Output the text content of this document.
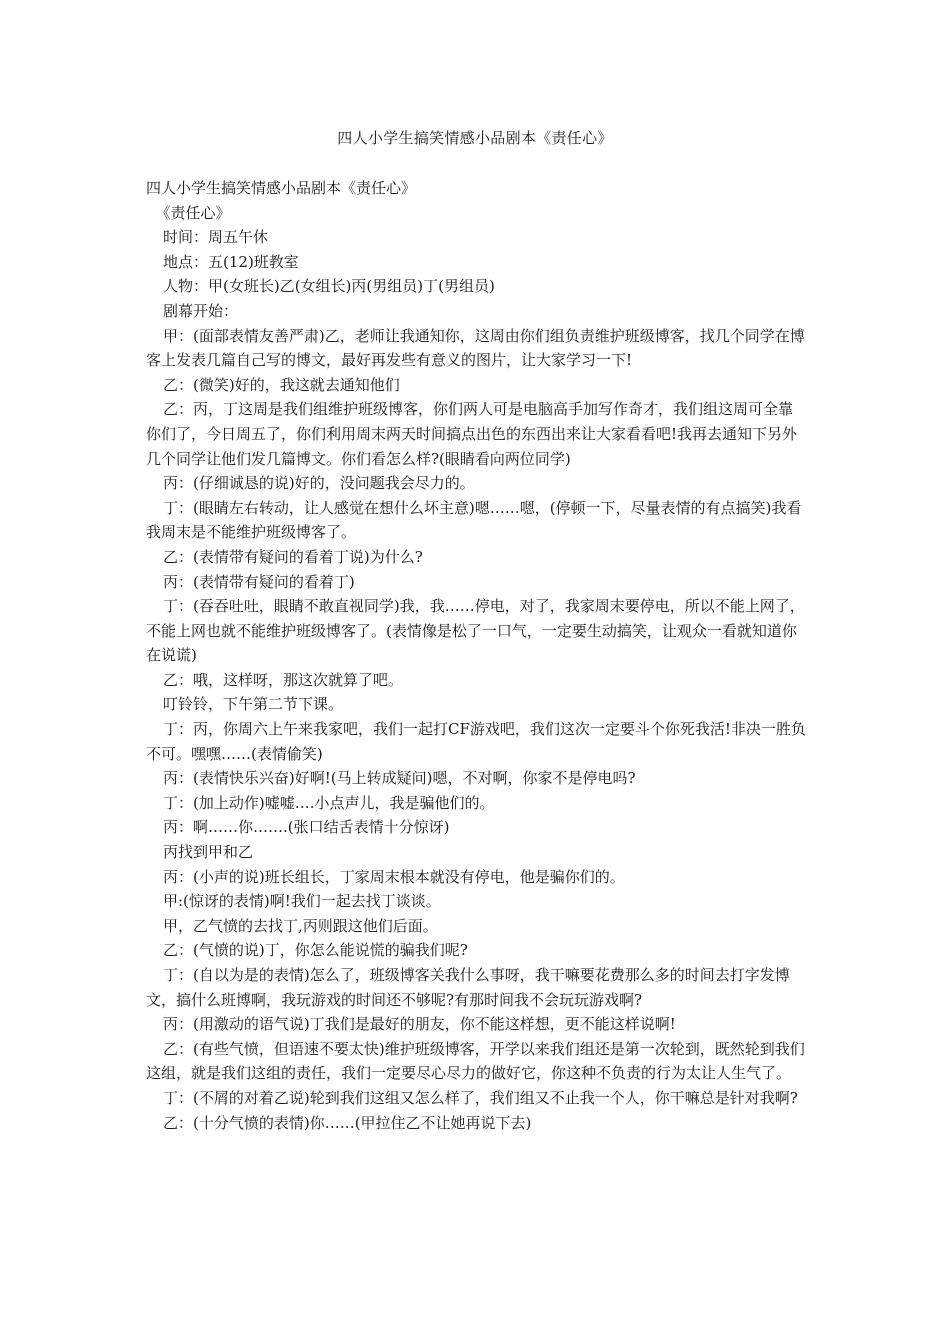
四人小学生搞笑情感小品剧本《责任心》

四人小学生搞笑情感小品剧本《责任心》

　《责任心》

　时间：周五午休

　地点：五(12)班教室

　人物：甲(女班长)乙(女组长)丙(男组员)丁(男组员)

　剧幕开始：

　甲：(面部表情友善严肃)乙，老师让我通知你，这周由你们组负责维护班级博客，找几个同学在博客上发表几篇自己写的博文，最好再发些有意义的图片，让大家学习一下!

　乙：(微笑)好的，我这就去通知他们

　乙：丙，丁这周是我们组维护班级博客，你们两人可是电脑高手加写作奇才，我们组这周可全靠你们了，今日周五了，你们利用周末两天时间搞点出色的东西出来让大家看看吧!我再去通知下另外几个同学让他们发几篇博文。你们看怎么样?(眼睛看向两位同学)

　丙：(仔细诚恳的说)好的，没问题我会尽力的。

　丁：(眼睛左右转动，让人感觉在想什么坏主意)嗯……嗯，(停顿一下，尽量表情的有点搞笑)我看我周末是不能维护班级博客了。

　乙：(表情带有疑问的看着丁说)为什么?

　丙：(表情带有疑问的看着丁)

　丁：(吞吞吐吐，眼睛不敢直视同学)我，我……停电，对了，我家周末要停电，所以不能上网了，不能上网也就不能维护班级博客了。(表情像是松了一口气，一定要生动搞笑，让观众一看就知道你在说谎)

　乙：哦，这样呀，那这次就算了吧。

　叮铃铃，下午第二节下课。

　丁：丙，你周六上午来我家吧，我们一起打CF游戏吧，我们这次一定要斗个你死我活!非决一胜负不可。嘿嘿……(表情偷笑)

　丙：(表情快乐兴奋)好啊!(马上转成疑问)嗯，不对啊，你家不是停电吗?

　丁：(加上动作)嘘嘘….小点声儿，我是骗他们的。

　丙：啊……你…….(张口结舌表情十分惊讶)

　丙找到甲和乙

　丙：(小声的说)班长组长，丁家周末根本就没有停电，他是骗你们的。

　甲:(惊讶的表情)啊!我们一起去找丁谈谈。

　甲，乙气愤的去找丁,丙则跟这他们后面。

　乙：(气愤的说)丁，你怎么能说慌的骗我们呢?

　丁：(自以为是的表情)怎么了，班级博客关我什么事呀，我干嘛要花费那么多的时间去打字发博文，搞什么班博啊，我玩游戏的时间还不够呢?有那时间我不会玩玩游戏啊?

　丙：(用激动的语气说)丁我们是最好的朋友，你不能这样想，更不能这样说啊!

　乙：(有些气愤，但语速不要太快)维护班级博客，开学以来我们组还是第一次轮到，既然轮到我们这组，就是我们这组的责任，我们一定要尽心尽力的做好它，你这种不负责的行为太让人生气了。

　丁：(不屑的对着乙说)轮到我们这组又怎么样了，我们组又不止我一个人，你干嘛总是针对我啊?

　乙：(十分气愤的表情)你……(甲拉住乙不让她再说下去)
